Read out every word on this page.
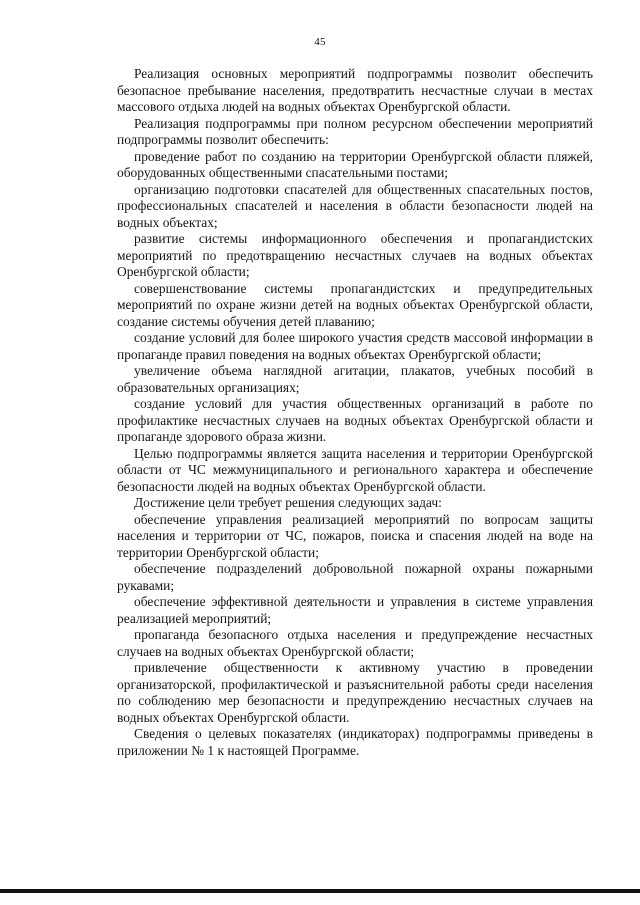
45

Реализация основных мероприятий подпрограммы позволит обеспечить безопасное пребывание населения, предотвратить несчастные случаи в местах массового отдыха людей на водных объектах Оренбургской области.

Реализация подпрограммы при полном ресурсном обеспечении мероприятий подпрограммы позволит обеспечить:

проведение работ по созданию на территории Оренбургской области пляжей, оборудованных общественными спасательными постами;

организацию подготовки спасателей для общественных спасательных постов, профессиональных спасателей и населения в области безопасности людей на водных объектах;

развитие системы информационного обеспечения и пропагандистских мероприятий по предотвращению несчастных случаев на водных объектах Оренбургской области;

совершенствование системы пропагандистских и предупредительных мероприятий по охране жизни детей на водных объектах Оренбургской области, создание системы обучения детей плаванию;

создание условий для более широкого участия средств массовой информации в пропаганде правил поведения на водных объектах Оренбургской области;

увеличение объема наглядной агитации, плакатов, учебных пособий в образовательных организациях;

создание условий для участия общественных организаций в работе по профилактике несчастных случаев на водных объектах Оренбургской области и пропаганде здорового образа жизни.

Целью подпрограммы является защита населения и территории Оренбургской области от ЧС межмуниципального и регионального характера и обеспечение безопасности людей на водных объектах Оренбургской области.

Достижение цели требует решения следующих задач:

обеспечение управления реализацией мероприятий по вопросам защиты населения и территории от ЧС, пожаров, поиска и спасения людей на воде на территории Оренбургской области;

обеспечение подразделений добровольной пожарной охраны пожарными рукавами;

обеспечение эффективной деятельности и управления в системе управления реализацией мероприятий;

пропаганда безопасного отдыха населения и предупреждение несчастных случаев на водных объектах Оренбургской области;

привлечение общественности к активному участию в проведении организаторской, профилактической и разъяснительной работы среди населения по соблюдению мер безопасности и предупреждению несчастных случаев на водных объектах Оренбургской области.

Сведения о целевых показателях (индикаторах) подпрограммы приведены в приложении № 1 к настоящей Программе.
